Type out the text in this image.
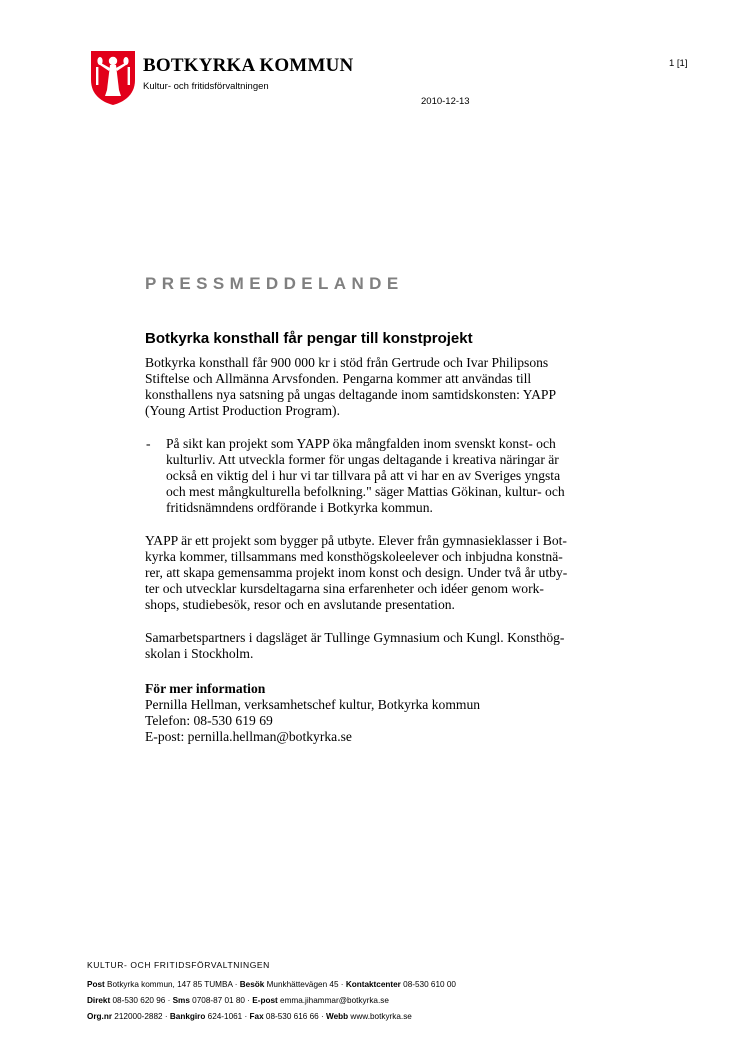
BOTKYRKA KOMMUN
Kultur- och fritidsförvaltningen
1 [1]
2010-12-13
PRESSMEDDELANDE
Botkyrka konsthall får pengar till konstprojekt
Botkyrka konsthall får 900 000 kr i stöd från Gertrude och Ivar Philipsons
Stiftelse och Allmänna Arvsfonden. Pengarna kommer att användas till
konsthallens nya satsning på ungas deltagande inom samtidskonsten: YAPP
(Young Artist Production Program).
- På sikt kan projekt som YAPP öka mångfalden inom svenskt konst- och
kulturliv. Att utveckla former för ungas deltagande i kreativa näringar är
också en viktig del i hur vi tar tillvara på att vi har en av Sveriges yngsta
och mest mångkulturella befolkning." säger Mattias Gökinan, kultur- och
fritidsnämndens ordförande i Botkyrka kommun.
YAPP är ett projekt som bygger på utbyte. Elever från gymnasieklasser i Bot-
kyrka kommer, tillsammans med konsthögskoleelever och inbjudna konstnä-
rer, att skapa gemensamma projekt inom konst och design. Under två år utby-
ter och utvecklar kursdeltagarna sina erfarenheter och idéer genom work-
shops, studiebesök, resor och en avslutande presentation.
Samarbetspartners i dagsläget är Tullinge Gymnasium och Kungl. Konsthög-
skolan i Stockholm.
För mer information
Pernilla Hellman, verksamhetschef kultur, Botkyrka kommun
Telefon: 08-530 619 69
E-post: pernilla.hellman@botkyrka.se
KULTUR- OCH FRITIDSFÖRVALTNINGEN
Post Botkyrka kommun, 147 85 TUMBA · Besök Munkhättevägen 45 · Kontaktcenter 08-530 610 00
Direkt 08-530 620 96 · Sms 0708-87 01 80 · E-post emma.jihammar@botkyrka.se
Org.nr 212000-2882 · Bankgiro 624-1061 · Fax 08-530 616 66 · Webb www.botkyrka.se
